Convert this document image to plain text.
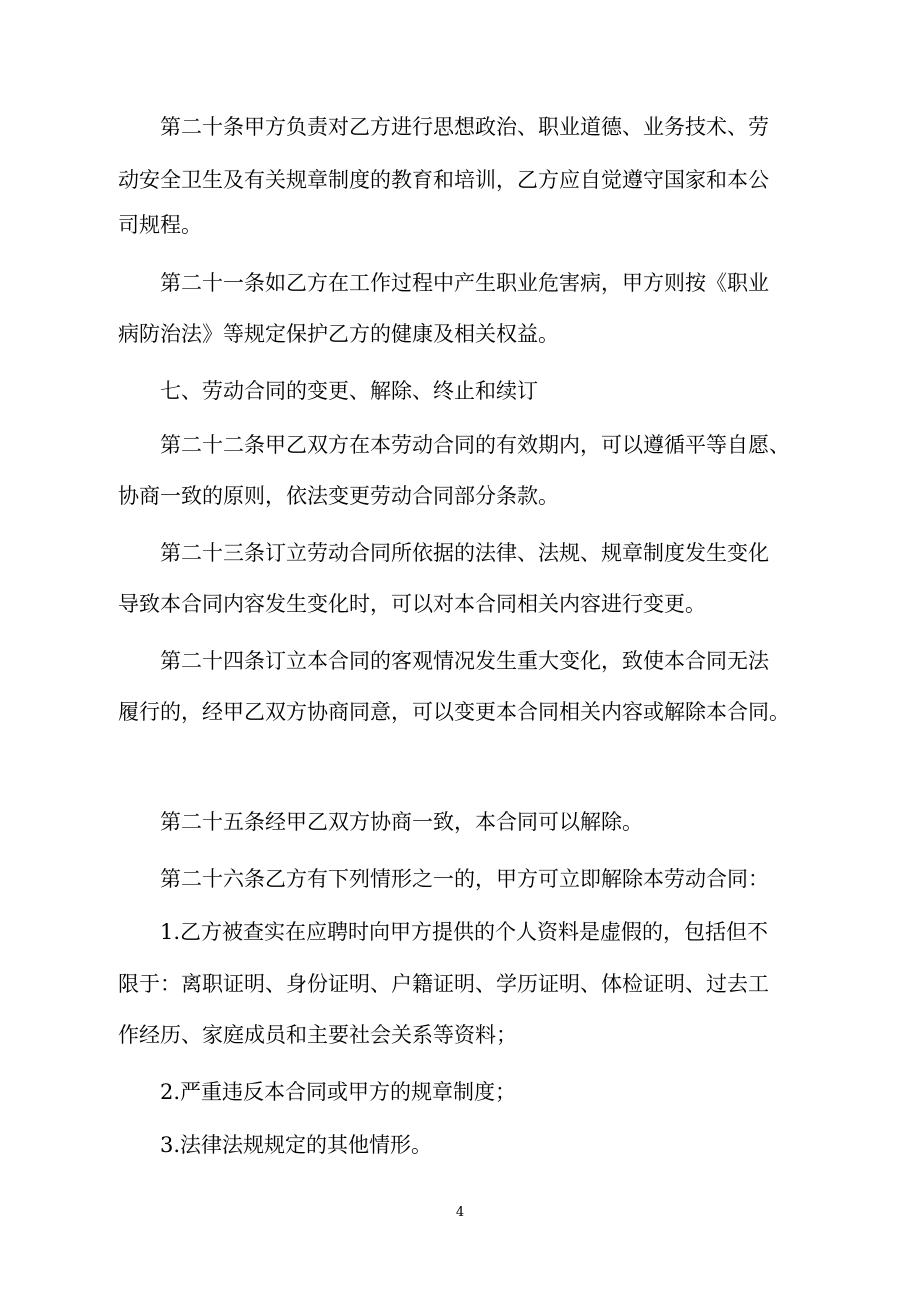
第二十条甲方负责对乙方进行思想政治、职业道德、业务技术、劳
动安全卫生及有关规章制度的教育和培训，乙方应自觉遵守国家和本公
司规程。
第二十一条如乙方在工作过程中产生职业危害病，甲方则按《职业
病防治法》等规定保护乙方的健康及相关权益。
七、劳动合同的变更、解除、终止和续订
第二十二条甲乙双方在本劳动合同的有效期内，可以遵循平等自愿、
协商一致的原则，依法变更劳动合同部分条款。
第二十三条订立劳动合同所依据的法律、法规、规章制度发生变化
导致本合同内容发生变化时，可以对本合同相关内容进行变更。
第二十四条订立本合同的客观情况发生重大变化，致使本合同无法
履行的，经甲乙双方协商同意，可以变更本合同相关内容或解除本合同。
第二十五条经甲乙双方协商一致，本合同可以解除。
第二十六条乙方有下列情形之一的，甲方可立即解除本劳动合同：
1.乙方被查实在应聘时向甲方提供的个人资料是虚假的，包括但不
限于：离职证明、身份证明、户籍证明、学历证明、体检证明、过去工
作经历、家庭成员和主要社会关系等资料；
2.严重违反本合同或甲方的规章制度；
3.法律法规规定的其他情形。
4
